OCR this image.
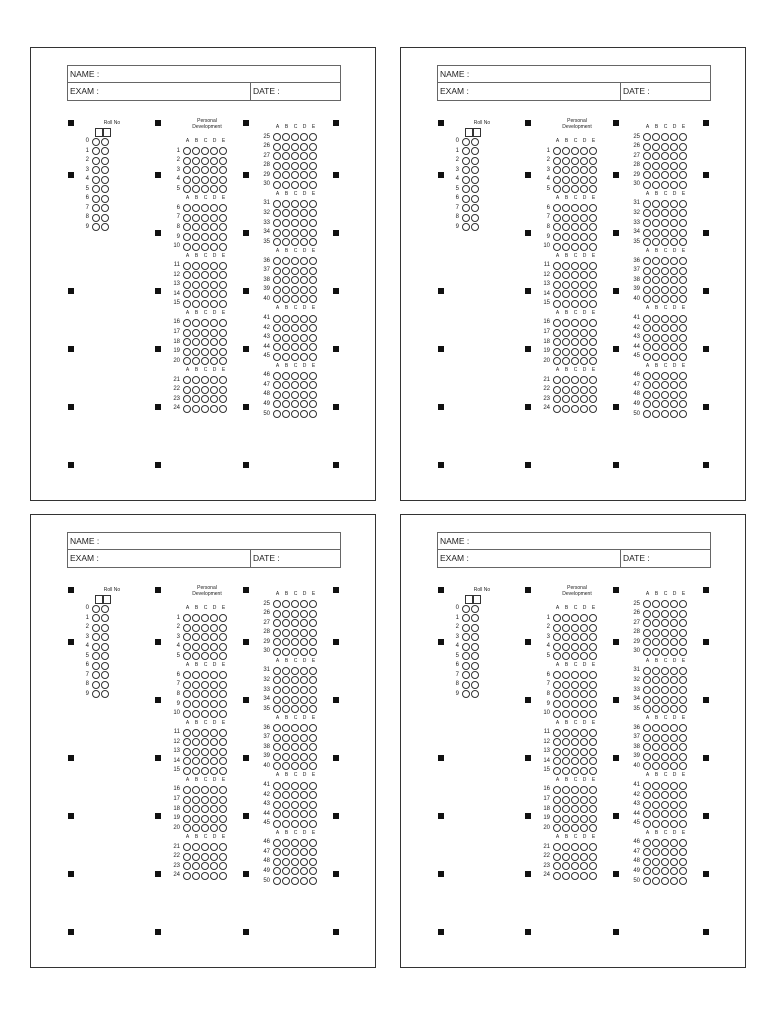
NAME :
EXAM :	DATE :
Roll No
0
1
2
3
4
5
6
7
8
9
Personal
Development
A	B	C	D	E
1
2
3
4
5
A	B	C	D	E
6
7
8
9
10
A	B	C	D	E
11
12
13
14
15
A	B	C	D	E
16
17
18
19
20
A	B	C	D	E
21
22
23
24
A	B	C	D	E
25
26
27
28
29
30
A	B	C	D	E
31
32
33
34
35
A	B	C	D	E
36
37
38
39
40
A	B	C	D	E
41
42
43
44
45
A	B	C	D	E
46
47
48
49
50
NAME :
EXAM :	DATE :
Roll No
0
1
2
3
4
5
6
7
8
9
Personal
Development
A	B	C	D	E
1
2
3
4
5
A	B	C	D	E
6
7
8
9
10
A	B	C	D	E
11
12
13
14
15
A	B	C	D	E
16
17
18
19
20
A	B	C	D	E
21
22
23
24
A	B	C	D	E
25
26
27
28
29
30
A	B	C	D	E
31
32
33
34
35
A	B	C	D	E
36
37
38
39
40
A	B	C	D	E
41
42
43
44
45
A	B	C	D	E
46
47
48
49
50
NAME :
EXAM :	DATE :
Roll No
0
1
2
3
4
5
6
7
8
9
Personal
Development
A	B	C	D	E
1
2
3
4
5
A	B	C	D	E
6
7
8
9
10
A	B	C	D	E
11
12
13
14
15
A	B	C	D	E
16
17
18
19
20
A	B	C	D	E
21
22
23
24
A	B	C	D	E
25
26
27
28
29
30
A	B	C	D	E
31
32
33
34
35
A	B	C	D	E
36
37
38
39
40
A	B	C	D	E
41
42
43
44
45
A	B	C	D	E
46
47
48
49
50
NAME :
EXAM :	DATE :
Roll No
0
1
2
3
4
5
6
7
8
9
Personal
Development
A	B	C	D	E
1
2
3
4
5
A	B	C	D	E
6
7
8
9
10
A	B	C	D	E
11
12
13
14
15
A	B	C	D	E
16
17
18
19
20
A	B	C	D	E
21
22
23
24
A	B	C	D	E
25
26
27
28
29
30
A	B	C	D	E
31
32
33
34
35
A	B	C	D	E
36
37
38
39
40
A	B	C	D	E
41
42
43
44
45
A	B	C	D	E
46
47
48
49
50
